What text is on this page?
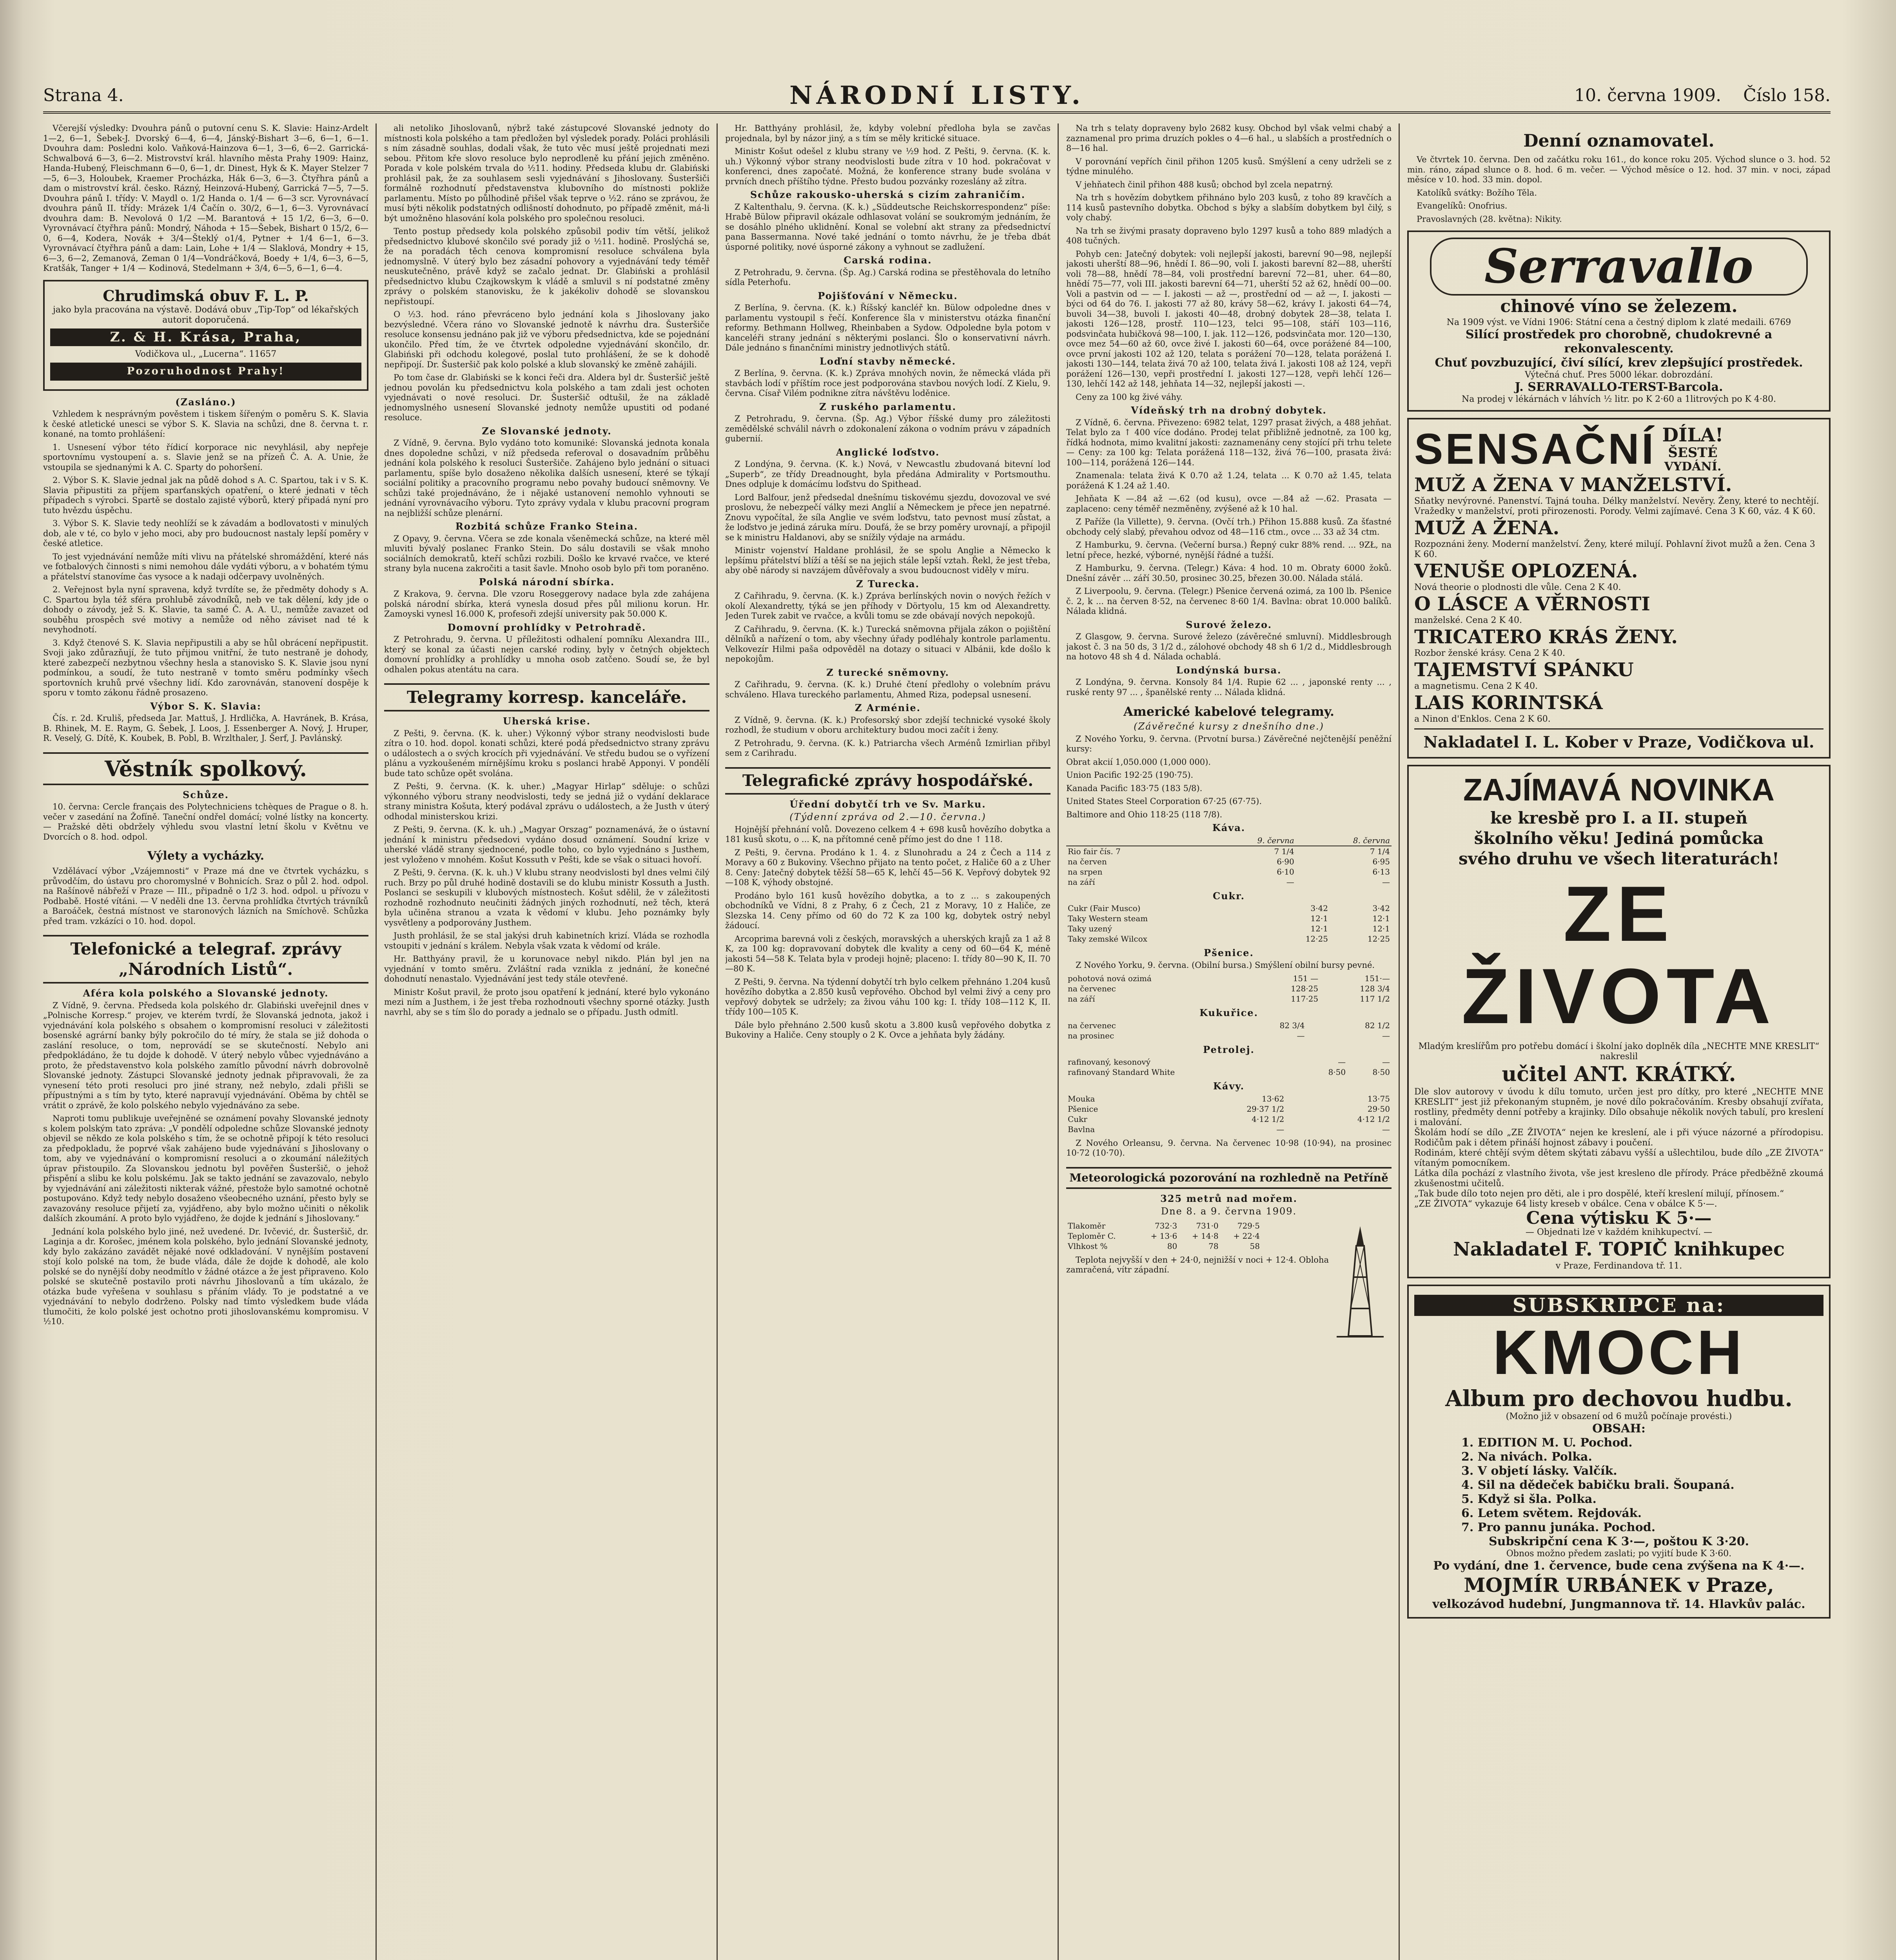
Strana 4.	NÁRODNÍ LISTY.	10. června 1909. Číslo 158.
Včerejší výsledky: Dvouhra pánů o putovní cenu S. K. Slavie: Hainz-Ardelt 1—2, 6—1, Šebek-J. Dvorský 6—4, 6—4, Jánský-Bishart 3—6, 6—1, 6—1. Dvouhra dam: Posledni kolo. Vaňková-Hainzova 6—1, 3—6, 6—2. Garrická-Schwalbová 6—3, 6—2. Mistrovství král. hlavního města Prahy 1909: Hainz, Handa-Hubený, Fleischmann 6—0, 6—1, dr. Dinest, Hyk & K. Mayer Stelzer 7—5, 6—3, Holoubek, Kraemer Procházka, Hák 6—3, 6—3. Čtyřhra pánů a dam o mistrovství král. česko. Rázný, Heinzová-Hubený, Garrická 7—5, 7—5. Dvouhra pánů I. třídy: V. Maydl o. 1/2 Handa o. 1/4 — 6—3 scr. Vyrovnávací dvouhra pánů II. třídy: Mrázek 1/4 Čačín o. 30/2, 6—1, 6—3. Vyrovnávací dvouhra dam: B. Nevolová 0 1/2 —M. Barantová + 15 1/2, 6—3, 6—0. Vyrovnávací čtyřhra pánů: Mondrý, Náhoda + 15—Šebek, Bishart 0 15/2, 6—0, 6—4, Kodera, Novák + 3/4—Šteklý o1/4, Pytner + 1/4 6—1, 6—3. Vyrovnávací čtyřhra pánů a dam: Lain, Lohe + 1/4 — Slaklová, Mondry + 15, 6—3, 6—2, Zemanová, Zeman 0 1/4—Vondráčková, Boedy + 1/4, 6—3, 6—5, Kratšák, Tanger + 1/4 — Kodinová, Stedelmann + 3/4, 6—5, 6—1, 6—4.
Chrudimská obuv F. L. P.
jako byla pracována na výstavě. Dodává obuv „Tip-Top“ od lékařských autorit doporučená.
Z. & H. Krása, Praha,
Vodičkova ul., „Lucerna“. 11657
Pozoruhodnost Prahy!
(Zasláno.)
Vzhledem k nesprávným pověstem i tiskem šířeným o poměru S. K. Slavia k české atletické unesci se výbor S. K. Slavia na schůzi, dne 8. června t. r. konané, na tomto prohlášení:
1. Usnesení výbor této řídicí korporace nic nevyhlásil, aby nepřeje sportovnímu vystoupení a. s. Slavie jenž se na přízeň Č. A. A. Unie, že vstoupila se sjednanými k A. C. Sparty do pohoršení.
2. Výbor S. K. Slavie jednal jak na půdě dohod s A. C. Spartou, tak i v S. K. Slavia připustiti za příjem sparťanských opatření, o které jednati v těch případech s výrobci. Spartě se dostalo zajisté výborů, který připadá nyní pro tuto hvězdu úspěchu.
3. Výbor S. K. Slavie tedy neohlíží se k závadám a bodlovatosti v minulých dob, ale v té, co bylo v jeho moci, aby pro budoucnost nastaly lepší poměry v české atletice.
To jest vyjednávání nemůže míti vlivu na přátelské shromáždění, které nás ve fotbalových činnosti s nimi nemohou dále vydáti výboru, a v bohatém týmu a přátelství stanovíme čas vysoce a k nadaji odčerpavy uvolněných.
2. Veřejnost byla nyní spravena, když tvrdíte se, že předměty dohody s A. C. Spartou byla též sféra prohlubě závodníků, neb ve tak dělení, kdy jde o dohody o závody, jež S. K. Slavie, ta samé Č. A. A. U., nemůže zavazet od souběhu prospěch své motivy a nemůže od něho záviset nad té k nevyhodnotí.
3. Když čtenové S. K. Slavia nepřipustili a aby se hůl obrácení nepřipustit. Svoji jako zdůrazňují, že tuto přijmou vnitřní, že tuto nestraně je dohody, které zabezpečí nezbytnou všechny hesla a stanovisko S. K. Slavie jsou nyní podmínkou, a soudí, že tuto nestraně v tomto směru podmínky všech sportovních kruhů prvé všechny lidí. Kdo zarovnáván, stanovení dospěje k sporu v tomto zákonu řádně prosazeno.
Výbor S. K. Slavia:
Čís. r. 2d. Kruliš, předseda Jar. Mattuš, J. Hrdlička, A. Havránek, B. Krása, B. Rhinek, M. E. Raym, G. Šebek, J. Loos, J. Essenberger A. Nový, J. Hruper, R. Veselý, G. Dítě, K. Koubek, B. Pobl, B. Wrzlthaler, J. Šerf, J. Pavlánský.
Věstník spolkový.
Schůze.
10. června: Cercle français des Polytechniciens tchèques de Prague o 8. h. večer v zasedání na Žofíně. Taneční ondřel domácí; volné lístky na koncerty. — Pražské děti obdržely výhledu svou vlastní letní školu v Květnu ve Dvorcích o 8. hod. odpol.
Výlety a vycházky.
Vzdělávací výbor „Vzájemnosti“ v Praze má dne ve čtvrtek vycházku, s průvodčím, do ústavu pro choromyslné v Bohnicích. Sraz o půl 2. hod. odpol. na Rašínově nábřeží v Praze — III., připadně o 1/2 3. hod. odpol. u přívozu v Podbabě. Hosté vítáni. — V neděli dne 13. června prohlídka čtvrtých trávníků a Baroáček, čestná místnost ve staronových lázních na Smíchově. Schůzka před tram. vzkázíci o 10. hod. dopol.
Telefonické a telegraf. zprávy „Národních Listů“.
Aféra kola polského a Slovanské jednoty.
Z Vídně, 9. června. Předseda kola polského dr. Glabiński uveřejnil dnes v „Polnische Korresp.“ projev, ve kterém tvrdí, že Slovanská jednota, jakož i vyjednávání kola polského s obsahem o kompromisní resoluci v záležitosti bosenské agrární banky býly pokročilo do té míry, že stala se již dohoda o zaslání resoluce, o tom, neprovádí se se skutečností. Nebylo ani předpokládáno, že tu dojde k dohodě. V úterý nebylo vůbec vyjednáváno a proto, že představenstvo kola polského zamítlo původní návrh dobrovolně Slovanské jednoty. Zástupci Slovanské jednoty jednak připravovali, že za vynesení této proti resoluci pro jiné strany, než nebylo, zdali přišli se přípustnými a s tím by tyto, které napravují vyjednávání. Oběma by chtěl se vrátit o zprávě, že kolo polského nebylo vyjednáváno za sebe.
Naproti tomu publikuje uveřejněné se oznámení povahy Slovanské jednoty s kolem polským tato zpráva: „V pondělí odpoledne schůze Slovanské jednoty objevil se někdo ze kola polského s tím, že se ochotně připojí k této resoluci za předpokladu, že poprvé však zahájeno bude vyjednávání s Jihoslovany o tom, aby ve vyjednávání o kompromisní resoluci a o zkoumání náležitých úprav přistoupilo. Za Slovanskou jednotu byl pověřen Šusteršič, o jehož přispění a slibu ke kolu polskému. Jak se takto jednání se zavazovalo, nebylo by vyjednávání ani záležitosti nikterak vážné, přestože bylo samotné ochotně postupováno. Když tedy nebylo dosaženo všeobecného uznání, přesto byly se zavazovány resoluce přijetí za, vyjádřeno, aby bylo možno učiniti o několik dalších zkoumání. A proto bylo vyjádřeno, že dojde k jednání s Jihoslovany.“
Jednání kola polského bylo jiné, než uvedené. Dr. Ivčević, dr. Šusteršič, dr. Laginja a dr. Korošec, jménem kola polského, bylo jednání Slovanské jednoty, kdy bylo zakázáno zavádět nějaké nové odkladování. V nynějším postavení stojí kolo polské na tom, že bude vláda, dále že dojde k dohodě, ale kolo polské se do nynější doby neodmítlo v žádné otázce a že jest připraveno. Kolo polské se skutečně postavilo proti návrhu Jihoslovanů a tím ukázalo, že otázka bude vyřešena v souhlasu s přáním vlády. To je podstatné a ve vyjednávání to nebylo dodrženo. Polsky nad tímto výsledkem bude vláda tlumočiti, že kolo polské jest ochotno proti jihoslovanskému kompromisu. V ½10.
ali netoliko Jihoslovanů, nýbrž také zástupcové Slovanské jednoty do místnosti kola polského a tam předložen byl výsledek porady. Poláci prohlásili s ním zásadně souhlas, dodali však, že tuto věc musí ještě projednati mezi sebou. Přitom kře slovo resoluce bylo neprodleně ku přání jejich změněno. Porada v kole polském trvala do ½11. hodiny. Předseda klubu dr. Glabiński prohlásil pak, že za souhlasem sesli vyjednávání s Jihoslovany. Šusteršiči formálně rozhodnutí představenstva klubovního do místnosti pokliže parlamentu. Místo po půlhodině přišel však teprve o ½2. ráno se zprávou, že musí býti několik podstatných odlišností dohodnuto, po případě změnit, má-li být umožněno hlasování kola polského pro společnou resoluci.
Tento postup předsedy kola polského způsobil podiv tím větší, jelikož předsednictvo klubové skončilo své porady již o ½11. hodině. Proslýchá se, že na poradách těch cenova kompromisní resoluce schválena byla jednomyslně. V úterý bylo bez zásadní pohovory a vyjednávání tedy téměř neuskutečněno, právě když se začalo jednat. Dr. Glabiński a prohlásil předsednictvo klubu Czajkowskym k vládě a smluvil s ní podstatné změny zprávy o polském stanovisku, že k jakékoliv dohodě se slovanskou nepřistoupí.
O ½3. hod. ráno převráceno bylo jednání kola s Jihoslovany jako bezvýsledné. Včera ráno vo Slovanské jednotě k návrhu dra. Šusteršiče resoluce konsensu jednáno pak již ve výboru předsednictva, kde se pojednání ukončilo. Před tím, že ve čtvrtek odpoledne vyjednávání skončilo, dr. Glabiński při odchodu kolegové, poslal tuto prohlášení, že se k dohodě nepřipojí. Dr. Šusteršič pak kolo polské a klub slovanský ke změně zahájili.
Po tom čase dr. Glabiński se k konci řeči dra. Aldera byl dr. Šusteršič ještě jednou povolán ku předsednictvu kola polského a tam zdali jest ochoten vyjednávati o nové resoluci. Dr. Šusteršič odtušil, že na základě jednomyslného usnesení Slovanské jednoty nemůže upustiti od podané resoluce.
Ze Slovanské jednoty.
Z Vídně, 9. června. Bylo vydáno toto komuniké: Slovanská jednota konala dnes dopoledne schůzi, v níž předseda referoval o dosavadním průběhu jednání kola polského k resoluci Šusteršiče. Zahájeno bylo jednání o situaci parlamentu, spíše bylo dosaženo několika dalších usnesení, které se týkají sociální politiky a pracovního programu nebo povahy budoucí sněmovny. Ve schůzi také projednáváno, že i nějaké ustanovení nemohlo vyhnouti se jednání vyrovnávacího výboru. Tyto zprávy vydala v klubu pracovní program na nejbližší schůze plenární.
Rozbitá schůze Franko Steina.
Z Opavy, 9. června. Včera se zde konala všeněmecká schůze, na které měl mluviti bývalý poslanec Franko Stein. Do sálu dostavili se však mnoho sociálních demokratů, kteří schůzi rozbili. Došlo ke krvavé rvačce, ve které strany byla nucena zakročiti a tasit šavle. Mnoho osob bylo při tom poraněno.
Polská národní sbírka.
Z Krakova, 9. června. Dle vzoru Roseggerovy nadace byla zde zahájena polská národní sbírka, která vynesla dosud přes půl milionu korun. Hr. Zamoyski vynesl 16.000 K, profesoři zdejší university pak 50.000 K.
Domovní prohlídky v Petrohradě.
Z Petrohradu, 9. června. U příležitosti odhalení pomníku Alexandra III., který se konal za účasti nejen carské rodiny, byly v četných objektech domovní prohlídky a prohlídky u mnoha osob zatčeno. Soudí se, že byl odhalen pokus atentátu na cara.
Telegramy korresp. kanceláře.
Uherská krise.
Z Pešti, 9. června. (K. k. uher.) Výkonný výbor strany neodvislosti bude zítra o 10. hod. dopol. konati schůzi, které podá předsednictvo strany zprávu o událostech a o svých krocích při vyjednávání. Ve středu budou se o vyřízení plánu a vyzkoušeném mírnějšímu kroku s poslanci hrabě Apponyi. V pondělí bude tato schůze opět svolána.
Z Pešti, 9. června. (K. k. uher.) „Magyar Hirlap“ sděluje: o schůzi výkonného výboru strany neodvislosti, tedy se jedná již o vydání deklarace strany ministra Košuta, který podával zprávu o událostech, a že Justh v úterý odhodal ministerskou krizi.
Z Pešti, 9. června. (K. k. uh.) „Magyar Orszag“ poznamenává, že o ústavní jednání k ministru předsedovi vydáno dosud oznámení. Soudní krize v uherské vládě strany sjednocené, podle toho, co bylo vyjednáno s Justhem, jest vyloženo v mnohém. Košut Kossuth v Pešti, kde se však o situaci hovoří.
Z Pešti, 9. června. (K. k. uh.) V klubu strany neodvislosti byl dnes velmi čilý ruch. Brzy po půl druhé hodině dostavili se do klubu ministr Kossuth a Justh. Poslanci se seskupili v klubových místnostech. Košut sdělil, že v záležitosti rozhodně rozhodnuto neučiniti žádných jiných rozhodnutí, než těch, která byla učiněna stranou a vzata k vědomí v klubu. Jeho poznámky byly vysvětleny a podporovány Justhem.
Justh prohlásil, že se stal jakýsi druh kabinetních krizí. Vláda se rozhodla vstoupiti v jednání s králem. Nebyla však vzata k vědomí od krále.
Hr. Batthyány pravil, že u korunovace nebyl nikdo. Plán byl jen na vyjednání v tomto směru. Zvláštní rada vznikla z jednání, že konečné dohodnutí nenastalo. Vyjednávání jest tedy stále otevřené.
Ministr Košut pravil, že proto jsou opatření k jednání, které bylo vykonáno mezi ním a Justhem, i že jest třeba rozhodnouti všechny sporné otázky. Justh navrhl, aby se s tím šlo do porady a jednalo se o případu. Justh odmítl.
Hr. Batthyány prohlásil, že, kdyby volební předloha byla se zavčas projednala, byl by názor jiný, a s tím se měly kritické situace.
Ministr Košut odešel z klubu strany ve ½9 hod. Z Pešti, 9. června. (K. k. uh.) Výkonný výbor strany neodvislosti bude zítra v 10 hod. pokračovat v konferenci, dnes započaté. Možná, že konference strany bude svolána v prvních dnech příštího týdne. Přesto budou pozvánky rozeslány až zítra.
Schůze rakousko-uherská s cizím zahraničím.
Z Kaltenthalu, 9. června. (K. k.) „Süddeutsche Reichskorrespondenz“ píše: Hrabě Bülow připravil okázale odhlasovat volání se soukromým jednáním, že se dosáhlo plného uklidnění. Konal se volební akt strany za předsednictví pana Bassermanna. Nové také jednání o tomto návrhu, že je třeba dbát úsporné politiky, nové úsporné zákony a vyhnout se zadlužení.
Carská rodina.
Z Petrohradu, 9. června. (Šp. Ag.) Carská rodina se přestěhovala do letního sídla Peterhofu.
Pojišťování v Německu.
Z Berlína, 9. června. (K. k.) Říšský kancléř kn. Bülow odpoledne dnes v parlamentu vystoupil s řečí. Konference šla v ministerstvu otázka finanční reformy. Bethmann Hollweg, Rheinbaben a Sydow. Odpoledne byla potom v kanceléři strany jednání s některými poslanci. Šlo o konservativní návrh. Dále jednáno s finančními ministry jednotlivých států.
Loďní stavby německé.
Z Berlína, 9. června. (K. k.) Zpráva mnohých novin, že německá vláda při stavbách lodí v příštím roce jest podporována stavbou nových lodí. Z Kielu, 9. června. Císař Vilém podnikne zítra návštěvu loděnice.
Z ruského parlamentu.
Z Petrohradu, 9. června. (Šp. Ag.) Výbor říšské dumy pro záležitosti zemědělské schválil návrh o zdokonalení zákona o vodním právu v západních gubernií.
Anglické loďstvo.
Z Londýna, 9. června. (K. k.) Nová, v Newcastlu zbudovaná bitevní loď „Superb“, ze třídy Dreadnought, byla předána Admirality v Portsmouthu. Dnes odpluje k domácímu loďstvu do Spithead.
Lord Balfour, jenž předsedal dnešnímu tiskovému sjezdu, dovozoval ve své proslovu, že nebezpečí války mezi Anglií a Německem je přece jen nepatrné. Znovu vypočítal, že síla Anglie ve svém loďstvu, tato pevnost musí zůstat, a že loďstvo je jediná záruka míru. Doufá, že se brzy poměry urovnají, a připojil se k ministru Haldanovi, aby se snížily výdaje na armádu.
Ministr vojenství Haldane prohlásil, že se spolu Anglie a Německo k lepšímu přátelství blíží a těší se na jejich stále lepší vztah. Řekl, že jest třeba, aby obě národy si navzájem důvěřovaly a svou budoucnost viděly v míru.
Z Turecka.
Z Cařihradu, 9. června. (K. k.) Zpráva berlínských novin o nových řežích v okolí Alexandretty, týká se jen příhody v Dörtyolu, 15 km od Alexandretty. Jeden Turek zabit ve rvačce, a kvůli tomu se zde obávají nových nepokojů.
Z Cařihradu, 9. června. (K. k.) Turecká sněmovna přijala zákon o pojištění dělníků a nařízení o tom, aby všechny úřady podléhaly kontrole parlamentu. Velkovezír Hilmi paša odpověděl na dotazy o situaci v Albánii, kde došlo k nepokojům.
Z turecké sněmovny.
Z Cařihradu, 9. června. (K. k.) Druhé čtení předlohy o volebním právu schváleno. Hlava tureckého parlamentu, Ahmed Riza, podepsal usnesení.
Z Arménie.
Z Vídně, 9. června. (K. k.) Profesorský sbor zdejší technické vysoké školy rozhodl, že studium v oboru architektury budou moci začít i ženy.
Z Petrohradu, 9. června. (K. k.) Patriarcha všech Arménů Izmirlian přibyl sem z Carihradu.
Telegrafické zprávy hospodářské.
Úřední dobytčí trh ve Sv. Marku.
(Týdenní zpráva od 2.—10. června.)
Hojnější přehnání volů. Dovezeno celkem 4 + 698 kusů hovězího dobytka a 181 kusů skotu, o ... K, na přítomné ceně přímo jest do dne ↑ 118.
Z Pešti, 9. června. Prodáno k 1. 4. z Slunohradu a 24 z Čech a 114 z Moravy a 60 z Bukoviny. Všechno přijato na tento počet, z Haliče 60 a z Uher 8. Ceny: Jatečný dobytek těžší 58—65 K, lehčí 45—56 K. Vepřový dobytek 92—108 K, výhody obstojné.
Prodáno bylo 161 kusů hovězího dobytka, a to z ... s zakoupených obchodníků ve Vídni, 8 z Prahy, 6 z Čech, 21 z Moravy, 10 z Haliče, ze Slezska 14. Ceny přímo od 60 do 72 K za 100 kg, dobytek ostrý nebyl žádoucí.
Arcoprima barevná voli z českých, moravských a uherských krajů za 1 až 8 K, za 100 kg: dopravovaní dobytek dle kvality a ceny od 60—64 K, méně jakosti 54—58 K. Telata byla v prodeji hojně; placeno: I. třídy 80—90 K, II. 70—80 K.
Z Pešti, 9. června. Na týdenní dobytčí trh bylo celkem přehnáno 1.204 kusů hovězího dobytka a 2.850 kusů vepřového. Obchod byl velmi živý a ceny pro vepřový dobytek se udržely; za živou váhu 100 kg: I. třídy 108—112 K, II. třídy 100—105 K.
Dále bylo přehnáno 2.500 kusů skotu a 3.800 kusů vepřového dobytka z Bukoviny a Haliče. Ceny stouply o 2 K. Ovce a jehňata byly žádány.
Na trh s telaty dopraveny bylo 2682 kusy. Obchod byl však velmi chabý a zaznamenal pro prima druzích pokles o 4—6 hal., u slabších a prostředních o 8—16 hal.
V porovnání vepřích činil přihon 1205 kusů. Smýšlení a ceny udrželi se z týdne minulého.
V jehňatech činil přihon 488 kusů; obchod byl zcela nepatrný.
Na trh s hovězím dobytkem přihnáno bylo 203 kusů, z toho 89 kravčích a 114 kusů pastevního dobytka. Obchod s býky a slabším dobytkem byl čilý, s voly chabý.
Na trh se živými prasaty dopraveno bylo 1297 kusů a toho 889 mladých a 408 tučných.
Pohyb cen: Jatečný dobytek: voli nejlepší jakosti, barevní 90—98, nejlepší jakosti uherští 88—96, hnědí I. 86—90, voli I. jakosti barevní 82—88, uherští voli 78—88, hnědí 78—84, voli prostřední barevní 72—81, uher. 64—80, hnědí 75—77, voli III. jakosti barevní 64—71, uherští 52 až 62, hnědí 00—00. Voli a pastvin od — — I. jakosti — až —, prostřední od — až —, I. jakosti — býci od 64 do 76. I. jakosti 77 až 80, krávy 58—62, krávy I. jakosti 64—74, buvoli 34—38, buvoli I. jakosti 40—48, drobný dobytek 28—38, telata I. jakosti 126—128, prostř. 110—123, telci 95—108, stáří 103—116, podsvinčata hubičková 98—100, I. jak. 112—126, podsvinčata mor. 120—130, ovce mez 54—60 až 60, ovce živé I. jakosti 60—64, ovce porážené 84—100, ovce první jakosti 102 až 120, telata s porážení 70—128, telata porážená I. jakosti 130—144, telata živá 70 až 100, telata živá I. jakosti 108 až 124, vepři porážení 126—130, vepři prostřední I. jakosti 127—128, vepři lehčí 126—130, lehčí 142 až 148, jehňata 14—32, nejlepší jakosti —.
Ceny za 100 kg živé váhy.
Vídeňský trh na drobný dobytek.
Z Vídně, 6. června. Přivezeno: 6982 telat, 1297 prasat živých, a 488 jehňat. Telat bylo za ↑ 400 více dodáno. Prodej telat přibližně jednotně, za 100 kg, řídká hodnota, mimo kvalitní jakosti: zaznamenány ceny stojící při trhu telete — Ceny: za 100 kg: Telata porážená 118—132, živá 76—100, prasata živá: 100—114, porážená 126—144.
Znamenala: telata živá K 0.70 až 1.24, telata ... K 0.70 až 1.45, telata porážená K 1.24 až 1.40.
Jehňata K —.84 až —.62 (od kusu), ovce —.84 až —.62. Prasata — zaplaceno: ceny téměř nezměněny, zvýšené až k 10 hal.
Z Paříže (la Villette), 9. června. (Ovčí trh.) Přihon 15.888 kusů. Za šťastné obchody celý slabý, převahou odvoz od 48—116 ctm., ovce ... 33 až 34 ctm.
Z Hamburku, 9. června. (Večerní bursa.) Řepný cukr 88% rend. ... 9ZŁ, na letní přece, hezké, výborné, nynější řádné a tužší.
Z Hamburku, 9. června. (Telegr.) Káva: 4 hod. 10 m. Obraty 6000 žoků. Dnešní závěr ... září 30.50, prosinec 30.25, březen 30.00. Nálada stálá.
Z Liverpoolu, 9. června. (Telegr.) Pšenice červená ozimá, za 100 lb. Pšenice č. 2, k ... na červen 8·52, na červenec 8·60 1/4. Bavlna: obrat 10.000 balíků. Nálada klidná.
Surové železo.
Z Glasgow, 9. června. Surové železo (závěrečné smluvní). Middlesbrough jakost č. 3 na 50 ds, 3 1/2 d., zálohové obchody 48 sh 6 1/2 d., Middlesbrough na hotovo 48 sh 4 d. Nálada ochablá.
Londýnská bursa.
Z Londýna, 9. června. Konsoly 84 1/4. Rupie 62 ... , japonské renty ... , ruské renty 97 ... , španělské renty ... Nálada klidná.
Americké kabelové telegramy.
(Závěrečné kursy z dnešního dne.)
Z Nového Yorku, 9. června. (Prvotní bursa.) Závěrečné nejčtenější peněžní kursy:
Obrat akcií 1,050.000 (1,000 000).
Union Pacific 192·25 (190·75).
Kanada Pacific 183·75 (183 5/8).
United States Steel Corporation 67·25 (67·75).
Baltimore and Ohio 118·25 (118 7/8).
Káva.
	9. června	8. června
Rio fair čís. 7	7 1/4	7 1/4
na červen	6·90	6·95
na srpen	6·10	6·13
na září	—	—
Cukr.
Cukr (Fair Musco)	3·42	3·42
Taky Western steam	12·1	12·1
Taky uzený	12·1	12·1
Taky zemské Wilcox	12·25	12·25
Pšenice.
Z Nového Yorku, 9. června. (Obilní bursa.) Smýšlení obilní bursy pevné.
pohotová nová ozimá	151 —	151·—
na červenec	128·25	128 3/4
na září	117·25	117 1/2
Kukuřice.
na červenec	82 3/4	82 1/2
na prosinec	—	—
Petrolej.
rafinovaný, kesonový	—	—
rafinovaný Standard White	8·50	8·50
Kávy.
Mouka	13·62	13·75
Pšenice	29·37 1/2	29·50
Cukr	4·12 1/2	4·12 1/2
Bavlna	—	—
Z Nového Orleansu, 9. června. Na červenec 10·98 (10·94), na prosinec 10·72 (10·70).
Meteorologická pozorování na rozhledně na Petříně
325 metrů nad mořem.
Dne 8. a 9. června 1909.
Tlakoměr	732·3	731·0	729·5
Teploměr C.	+ 13·6	+ 14·8	+ 22·4
Vlhkost %	80	78	58
Teplota nejvyšší v den + 24·0, nejnižší v noci + 12·4. Obloha zamračená, vítr západní.
Denní oznamovatel.
Ve čtvrtek 10. června. Den od začátku roku 161., do konce roku 205. Východ slunce o 3. hod. 52 min. ráno, západ slunce o 8. hod. 6 m. večer. — Východ měsíce o 12. hod. 37 min. v noci, západ měsíce v 10. hod. 33 min. dopol.
Katolíků svátky: Božího Těla.
Evangelíků: Onofrius.
Pravoslavných (28. května): Nikity.
Serravallo
chinové víno se železem.
Na 1909 výst. ve Vídni 1906: Státní cena a čestný diplom k zlaté medaili. 6769
Silící prostředek pro chorobně, chudokrevné a rekonvalescenty.
Chuť povzbuzující, čiví sílící, krev zlepšující prostředek.
Výtečná chuť. Pres 5000 lékar. dobrozdání.
J. SERRAVALLO-TERST-Barcola.
Na prodej v lékárnách v láhvích ½ litr. po K 2·60 a 1litrových po K 4·80.
SENSAČNÍ DÍLA!
ŠESTÉ
VYDÁNÍ.
MUŽ A ŽENA V MANŽELSTVÍ.
Sňatky nevýrovné. Panenství. Tajná touha. Délky manželství. Nevěry. Ženy, které to nechtějí. Vražedky v manželství, proti přirozenosti. Porody. Velmi zajímavé. Cena 3 K 60, váz. 4 K 60.
MUŽ A ŽENA.
Rozpoznáni ženy. Moderní manželství. Ženy, které milují. Pohlavní život mužů a žen. Cena 3 K 60.
VENUŠE OPLOZENÁ.
Nová theorie o plodnosti dle vůle. Cena 2 K 40.
O LÁSCE A VĚRNOSTI
manželské. Cena 2 K 40.
TRICATERO KRÁS ŽENY.
Rozbor ženské krásy. Cena 2 K 40.
TAJEMSTVÍ SPÁNKU
a magnetismu. Cena 2 K 40.
LAIS KORINTSKÁ
a Ninon d'Enklos. Cena 2 K 60.
Nakladatel I. L. Kober v Praze, Vodičkova ul.
ZAJÍMAVÁ NOVINKA
ke kresbě pro I. a II. stupeň
školního věku! Jediná pomůcka
svého druhu ve všech literaturách!
ZE ŽIVOTA
Mladým kreslířům pro potřebu domácí i školní jako doplněk díla „NECHTE MNE KRESLIT“ nakreslil
učitel ANT. KRÁTKÝ.
Dle slov autorovy v úvodu k dílu tomuto, určen jest pro dítky, pro které „NECHTE MNE KRESLIT“ jest již překonaným stupněm, je nové dílo pokračováním. Kresby obsahují zvířata, rostliny, předměty denní potřeby a krajinky. Dílo obsahuje několik nových tabulí, pro kreslení i malování.
Školám hodí se dílo „ZE ŽIVOTA“ nejen ke kreslení, ale i při výuce názorné a přírodopisu. Rodičům pak i dětem přináší hojnost zábavy i poučení.
Rodinám, které chtějí svým dětem skýtati zábavu vyšší a ušlechtilou, bude dílo „ZE ŽIVOTA“ vítaným pomocníkem.
Látka díla pochází z vlastního života, vše jest kresleno dle přírody. Práce předběžně zkoumá zkušenostmi učitelů.
„Tak bude dílo toto nejen pro děti, ale i pro dospělé, kteří kreslení milují, přínosem.“
„ZE ŽIVOTA“ vykazuje 64 listy kreseb v obálce. Cena v obálce K 5·—.
Cena výtisku K 5·—
— Objednati lze v každém knihkupectví. —
Nakladatel F. TOPIČ knihkupec
v Praze, Ferdinandova tř. 11.
SUBSKRIPCE na:
KMOCH
Album pro dechovou hudbu.
(Možno již v obsazení od 6 mužů počínaje provésti.)
OBSAH:
1. EDITION M. U. Pochod.
2. Na nivách. Polka.
3. V objetí lásky. Valčík.
4. Sil na dědeček babičku brali. Šoupaná.
5. Když si šla. Polka.
6. Letem světem. Rejdovák.
7. Pro pannu junáka. Pochod.
Subskripční cena K 3·—, poštou K 3·20.
Obnos možno předem zaslati; po vyjití bude K 3·60.
Po vydání, dne 1. července, bude cena zvýšena na K 4·—.
MOJMÍR URBÁNEK v Praze,
velkozávod hudební, Jungmannova tř. 14. Hlavkův palác.
